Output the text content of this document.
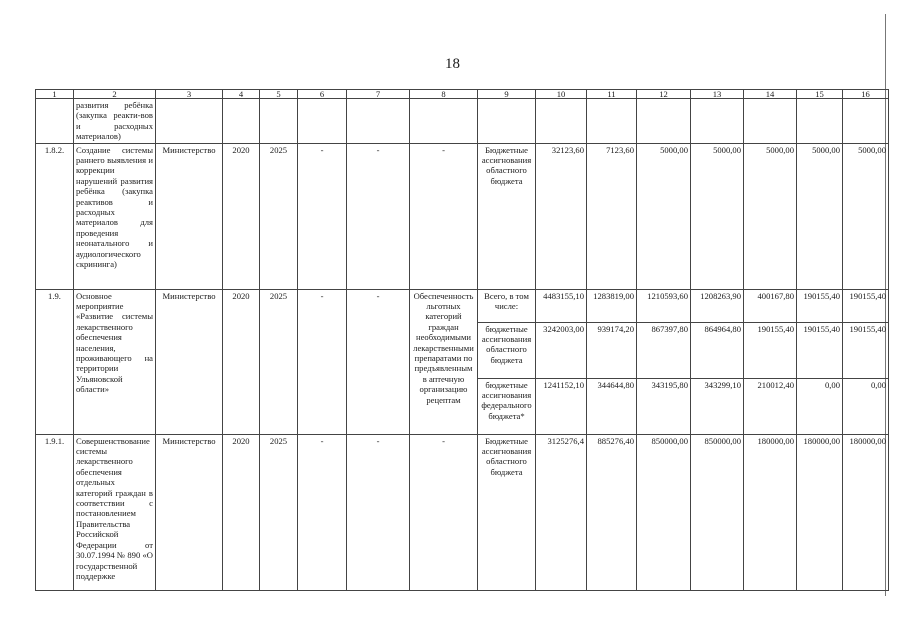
18
1	2	3	4	5	6	7	8	9	10	11	12	13	14	15	16
	развития ребёнка (закупка реакти-вов и расходных материалов)														
1.8.2.	Создание системы раннего выявления и коррекции нарушений развития ребёнка (закупка реактивов и расходных материалов для проведения неонатального и аудиологического скрининга)	Министерство	2020	2025	-	-	-	Бюджетные ассигнования областного бюджета	32123,60	7123,60	5000,00	5000,00	5000,00	5000,00	5000,00
1.9.	Основное мероприятие «Развитие системы лекарственного обеспечения населения, проживающего на территории Ульяновской области»	Министерство	2020	2025	-	-	Обеспеченность льготных категорий граждан необходимыми лекарственными препаратами по предъявленным в аптечную организацию рецептам	Всего, в том числе:	4483155,10	1283819,00	1210593,60	1208263,90	400167,80	190155,40	190155,40
								бюджетные ассигнования областного бюджета	3242003,00	939174,20	867397,80	864964,80	190155,40	190155,40	190155,40
								бюджетные ассигнования федерального бюджета*	1241152,10	344644,80	343195,80	343299,10	210012,40	0,00	0,00
1.9.1.	Совершенствование системы лекарственного обеспечения отдельных категорий граждан в соответствии с постановлением Правительства Российской Федерации от 30.07.1994 № 890 «О государственной поддержке	Министерство	2020	2025	-	-	-	Бюджетные ассигнования областного бюджета	3125276,4	885276,40	850000,00	850000,00	180000,00	180000,00	180000,00
